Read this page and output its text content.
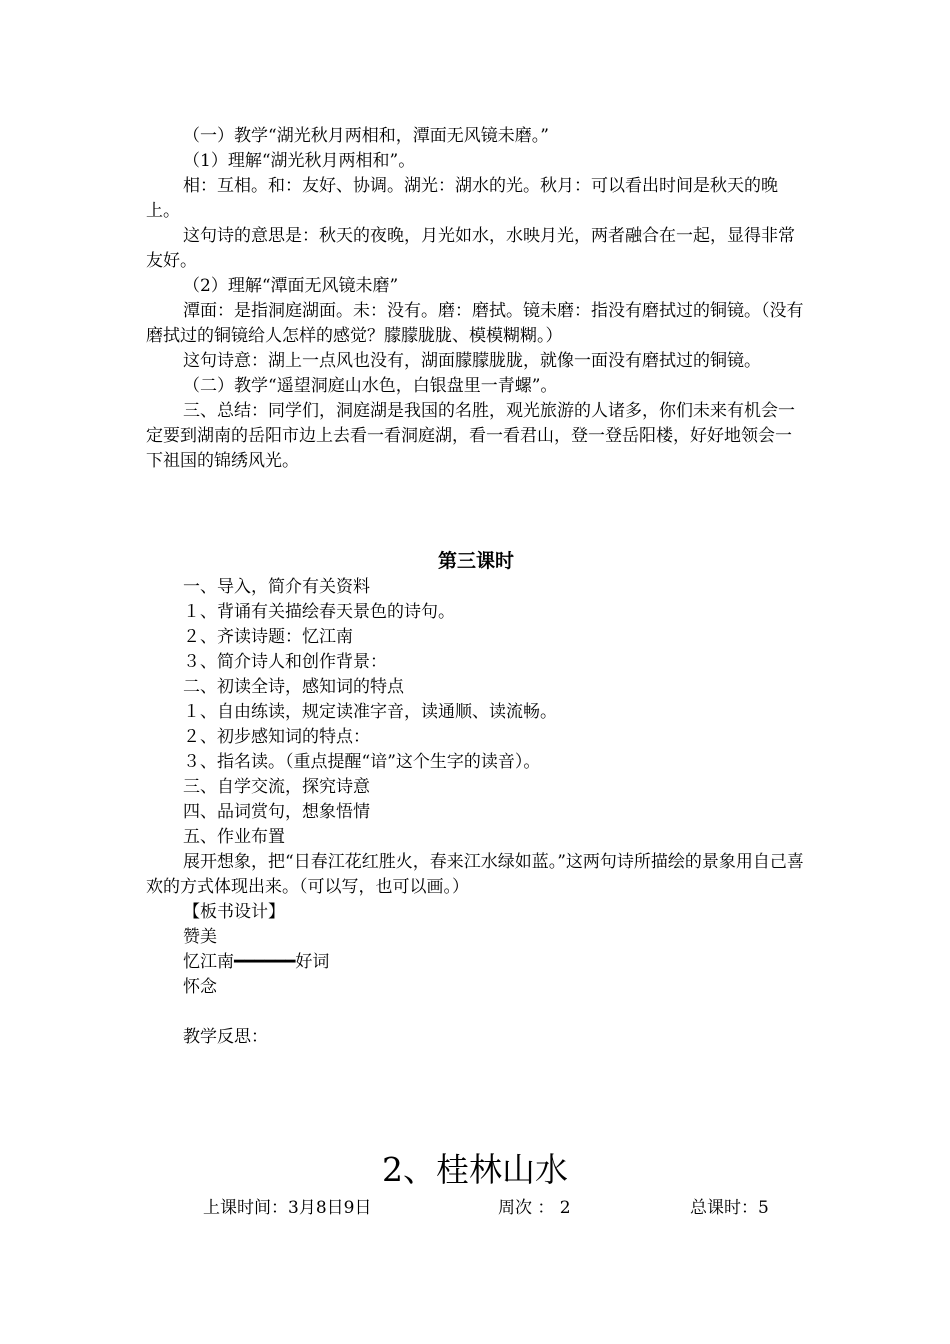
（一）教学“湖光秋月两相和，潭面无风镜未磨。”

（1）理解“湖光秋月两相和”。

相：互相。和：友好、协调。湖光：湖水的光。秋月：可以看出时间是秋天的晚上。

这句诗的意思是：秋天的夜晚，月光如水，水映月光，两者融合在一起，显得非常友好。

（2）理解“潭面无风镜未磨”

潭面：是指洞庭湖面。未：没有。磨：磨拭。镜未磨：指没有磨拭过的铜镜。（没有磨拭过的铜镜给人怎样的感觉？朦朦胧胧、模模糊糊。）

这句诗意：湖上一点风也没有，湖面朦朦胧胧，就像一面没有磨拭过的铜镜。

（二）教学“遥望洞庭山水色，白银盘里一青螺”。

三、总结：同学们，洞庭湖是我国的名胜，观光旅游的人诸多，你们未来有机会一定要到湖南的岳阳市边上去看一看洞庭湖，看一看君山，登一登岳阳楼，好好地领会一下祖国的锦绣风光。

第三课时

一、导入，简介有关资料

１、背诵有关描绘春天景色的诗句。

２、齐读诗题：忆江南

３、简介诗人和创作背景：

二、初读全诗，感知词的特点

１、自由练读，规定读准字音，读通顺、读流畅。

２、初步感知词的特点：

３、指名读。（重点提醒“谙”这个生字的读音）。

三、自学交流，探究诗意

四、品词赏句，想象悟情

五、作业布置

展开想象，把“日春江花红胜火，春来江水绿如蓝。”这两句诗所描绘的景象用自己喜欢的方式体现出来。（可以写，也可以画。）

【板书设计】

赞美

忆江南━━━━━━好词

怀念

教学反思：

2、桂林山水
上课时间：3月8日9日	周次 ： 2	总课时：5
